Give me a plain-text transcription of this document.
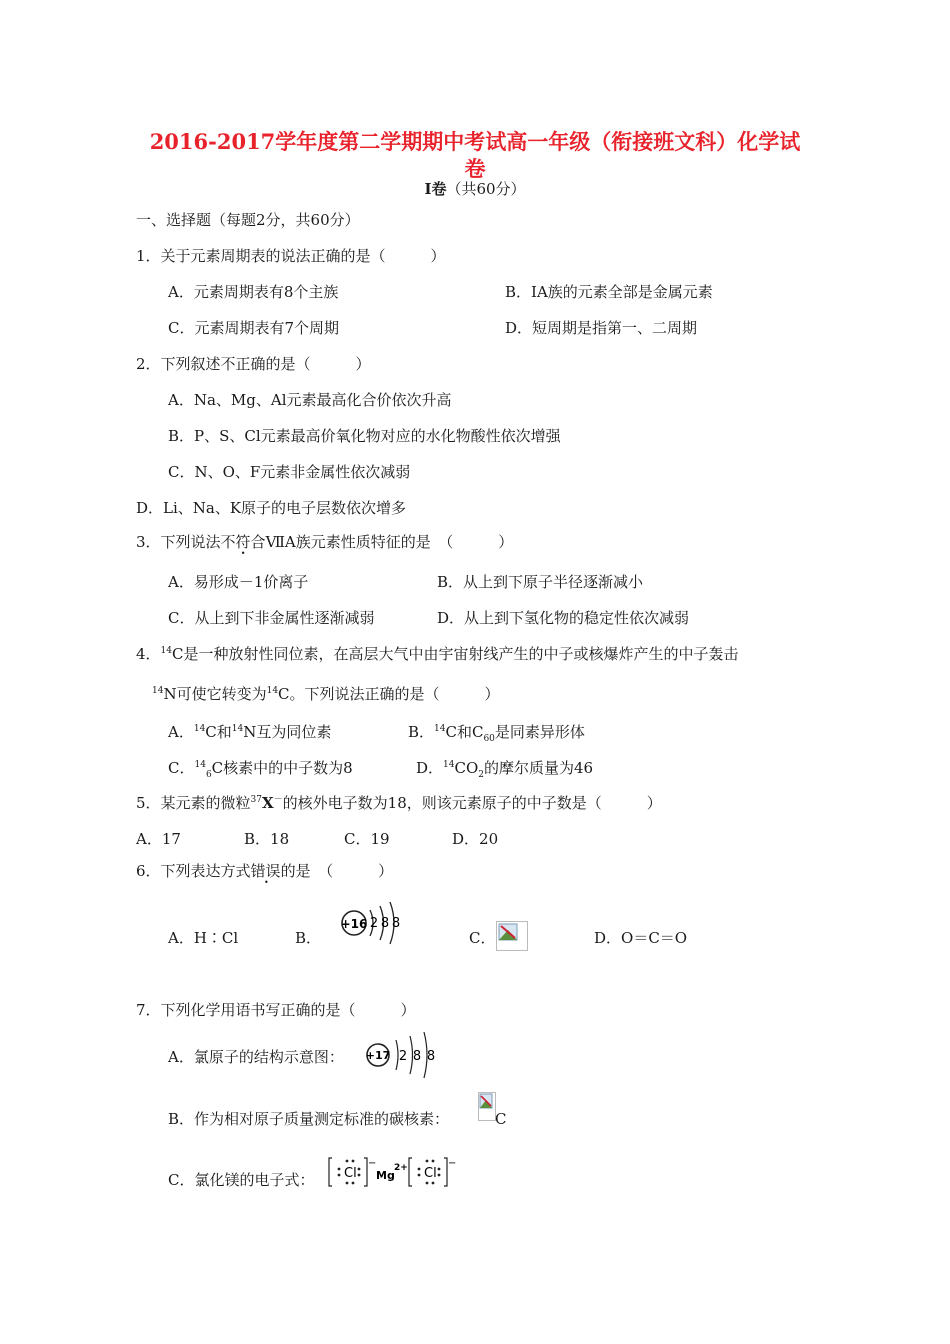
2016-2017学年度第二学期期中考试高一年级（衔接班文科）化学试
卷
Ⅰ卷（共60分）
一、选择题（每题2分，共60分）
1．关于元素周期表的说法正确的是（　　　）
A．元素周期表有8个主族	B．ⅠA族的元素全部是金属元素
C．元素周期表有7个周期	D．短周期是指第一、二周期
2．下列叙述不正确的是（　　　）
A．Na、Mg、Al元素最高化合价依次升高
B．P、S、Cl元素最高价氧化物对应的水化物酸性依次增强
C．N、O、F元素非金属性依次减弱
D．Li、Na、K原子的电子层数依次增多
3．下列说法不符合ⅦA族元素性质特征的是　（　　　）
A．易形成－1价离子	B．从上到下原子半径逐渐减小
C．从上到下非金属性逐渐减弱	D．从上到下氢化物的稳定性依次减弱
4．$^{14}$C是一种放射性同位素，在高层大气中由宇宙射线产生的中子或核爆炸产生的中子轰击
$^{14}$N可使它转变为$^{14}$C。下列说法正确的是（　　　）
A．$^{14}$C和$^{14}$N互为同位素	B．$^{14}$C和$C_{60}$是同素异形体
C．$^{14}_6$C核素中的中子数为8	D．$^{14}CO_2$的摩尔质量为46
5．某元素的微粒$^{37}$X－的核外电子数为18，则该元素原子的中子数是（　　　）
A．17	B．18	C．19	D．20
6．下列表达方式错误的是　（　　　）
A．H∶Cl	B．
+16 2 8 8
C．	D．O＝C＝O
7．下列化学用语书写正确的是（　　　）
A．氯原子的结构示意图： +17 2 8 8
B．作为相对原子质量测定标准的碳核素：	C
C．氯化镁的电子式： Cl
−
Mg
2+ Cl
−
